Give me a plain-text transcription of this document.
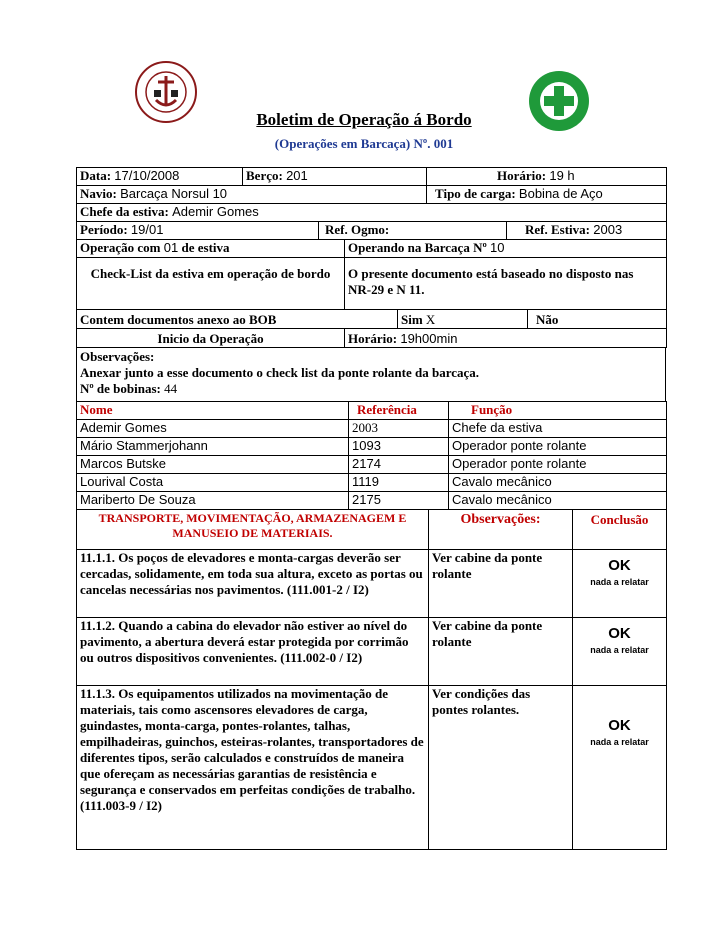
Boletim de Operação á Bordo
(Operações em Barcaça) Nº. 001
Data: 17/10/2008	Berço: 201		Horário: 19 h	
Navio: Barcaça Norsul 10			Tipo de carga: Bobina de Aço	
Chefe da estiva: Ademir Gomes				
Período: 19/01		Ref. Ogmo:		Ref. Estiva: 2003
Operação com 01 de estiva	Operando na Barcaça Nº 10
Check-List da estiva em operação de bordo	O presente documento está baseado no disposto nas NR-29 e N 11.
Contem documentos anexo ao BOB	Sim X	Não
Inicio da Operação	Horário: 19h00min
Observações:
Anexar junto a esse documento o check list da ponte rolante da barcaça.
Nº de bobinas: 44
Nome	Referência	Função
Ademir Gomes	2003	Chefe da estiva
Mário Stammerjohann	1093	Operador ponte rolante
Marcos Butske	2174	Operador ponte rolante
Lourival Costa	1119	Cavalo mecânico
Mariberto De Souza	2175	Cavalo mecânico
TRANSPORTE, MOVIMENTAÇÃO, ARMAZENAGEM E MANUSEIO DE MATERIAIS.	Observações:	Conclusão
11.1.1. Os poços de elevadores e monta-cargas deverão ser cercadas, solidamente, em toda sua altura, exceto as portas ou cancelas necessárias nos pavimentos. (111.001-2 / I2)	Ver cabine da ponte rolante	OK
nada a relatar

11.1.2. Quando a cabina do elevador não estiver ao nível do pavimento, a abertura deverá estar protegida por corrimão ou outros dispositivos convenientes. (111.002-0 / I2)	Ver cabine da ponte rolante	OK
nada a relatar

11.1.3. Os equipamentos utilizados na movimentação de materiais, tais como ascensores elevadores de carga, guindastes, monta-carga, pontes-rolantes, talhas, empilhadeiras, guinchos, esteiras-rolantes, transportadores de diferentes tipos, serão calculados e construídos de maneira que ofereçam as necessárias garantias de resistência e segurança e conservados em perfeitas condições de trabalho. (111.003-9 / I2)	Ver condições das pontes rolantes.	OK
nada a relatar
